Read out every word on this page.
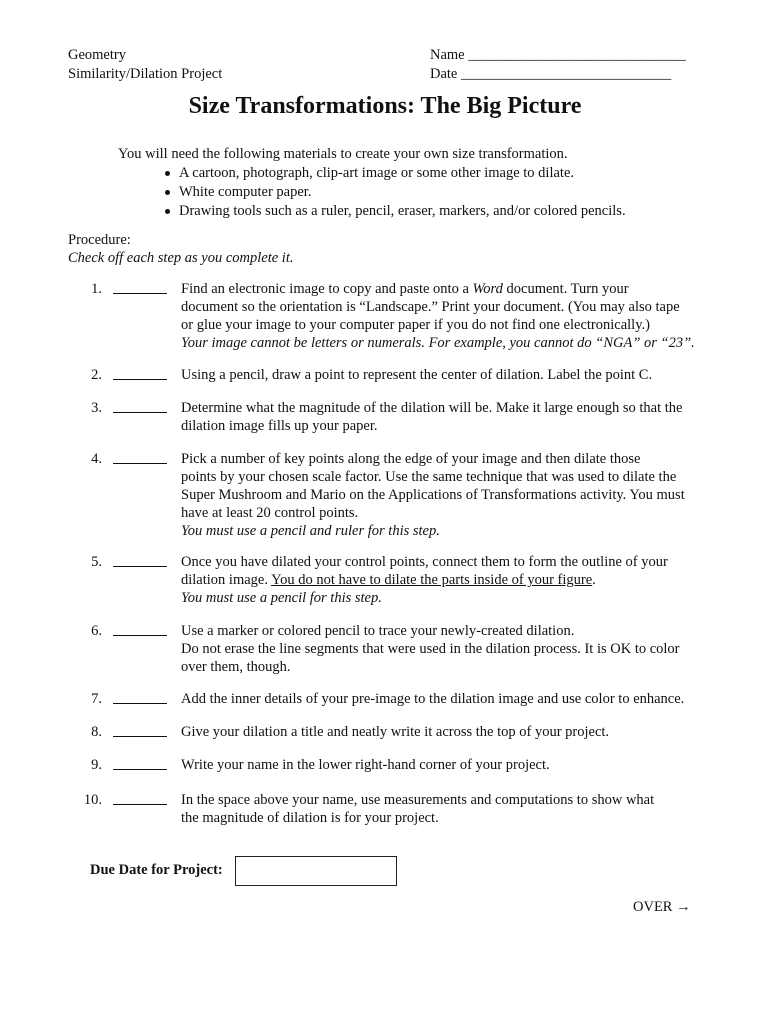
Geometry
Similarity/Dilation Project
Name ______________________________
Date _____________________________
Size Transformations: The Big Picture
You will need the following materials to create your own size transformation.
A cartoon, photograph, clip-art image or some other image to dilate.
White computer paper.
Drawing tools such as a ruler, pencil, eraser, markers, and/or colored pencils.
Procedure:
Check off each step as you complete it.
1.	Find an electronic image to copy and paste onto a Word document. Turn your
document so the orientation is “Landscape.” Print your document. (You may also tape
or glue your image to your computer paper if you do not find one electronically.)
Your image cannot be letters or numerals. For example, you cannot do “NGA” or “23”.
2.	Using a pencil, draw a point to represent the center of dilation. Label the point C.
3.	Determine what the magnitude of the dilation will be. Make it large enough so that the
dilation image fills up your paper.
4.	Pick a number of key points along the edge of your image and then dilate those
points by your chosen scale factor. Use the same technique that was used to dilate the
Super Mushroom and Mario on the Applications of Transformations activity. You must
have at least 20 control points.
You must use a pencil and ruler for this step.
5.	Once you have dilated your control points, connect them to form the outline of your
dilation image. You do not have to dilate the parts inside of your figure.
You must use a pencil for this step.
6.	Use a marker or colored pencil to trace your newly-created dilation.
Do not erase the line segments that were used in the dilation process. It is OK to color
over them, though.
7.	Add the inner details of your pre-image to the dilation image and use color to enhance.
8.	Give your dilation a title and neatly write it across the top of your project.
9.	Write your name in the lower right-hand corner of your project.
10.	In the space above your name, use measurements and computations to show what
the magnitude of dilation is for your project.
Due Date for Project:
OVER →
